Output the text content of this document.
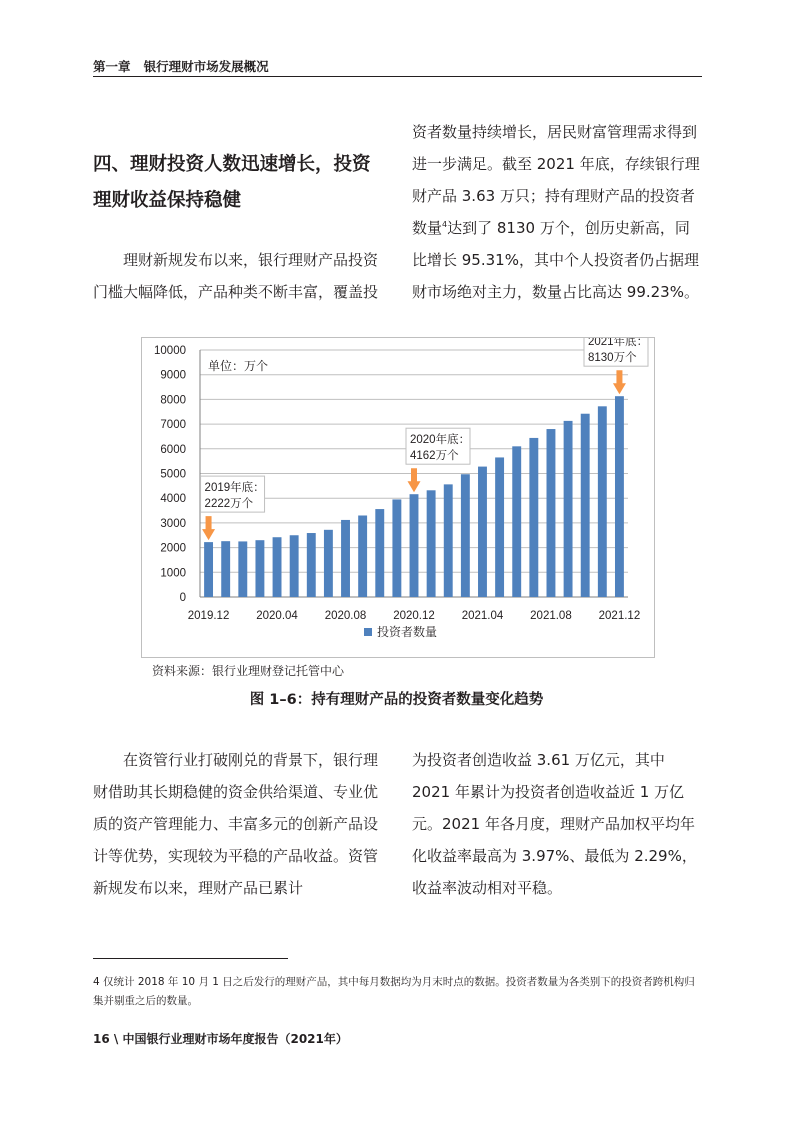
第一章 银行理财市场发展概况

四、理财投资人数迅速增长，投资理财收益保持稳健

理财新规发布以来，银行理财产品投资门槛大幅降低，产品种类不断丰富，覆盖投

资者数量持续增长，居民财富管理需求得到进一步满足。截至 2021 年底，存续银行理财产品 3.63 万只；持有理财产品的投资者数量$^4$达到了 8130 万个，创历史新高，同比增长 95.31%，其中个人投资者仍占据理财市场绝对主力，数量占比高达 99.23%。

0
1000
2000
3000
4000
5000
6000
7000
8000
9000
10000
2019.12 2020.04 2020.08 2020.12 2021.04 2021.08 2021.12
单位：万个
2019年底：
2222万个
2020年底：
4162万个
2021年底：
8130万个
投资者数量
资料来源：银行业理财登记托管中心
图 1–6：持有理财产品的投资者数量变化趋势

在资管行业打破刚兑的背景下，银行理财借助其长期稳健的资金供给渠道、专业优质的资产管理能力、丰富多元的创新产品设计等优势，实现较为平稳的产品收益。资管新规发布以来，理财产品已累计

为投资者创造收益 3.61 万亿元，其中 2021 年累计为投资者创造收益近 1 万亿元。2021 年各月度，理财产品加权平均年化收益率最高为 3.97%、最低为 2.29%，收益率波动相对平稳。

4 仅统计 2018 年 10 月 1 日之后发行的理财产品，其中每月数据均为月末时点的数据。投资者数量为各类别下的投资者跨机构归集并剔重之后的数量。
16 \ 中国银行业理财市场年度报告（2021年）
